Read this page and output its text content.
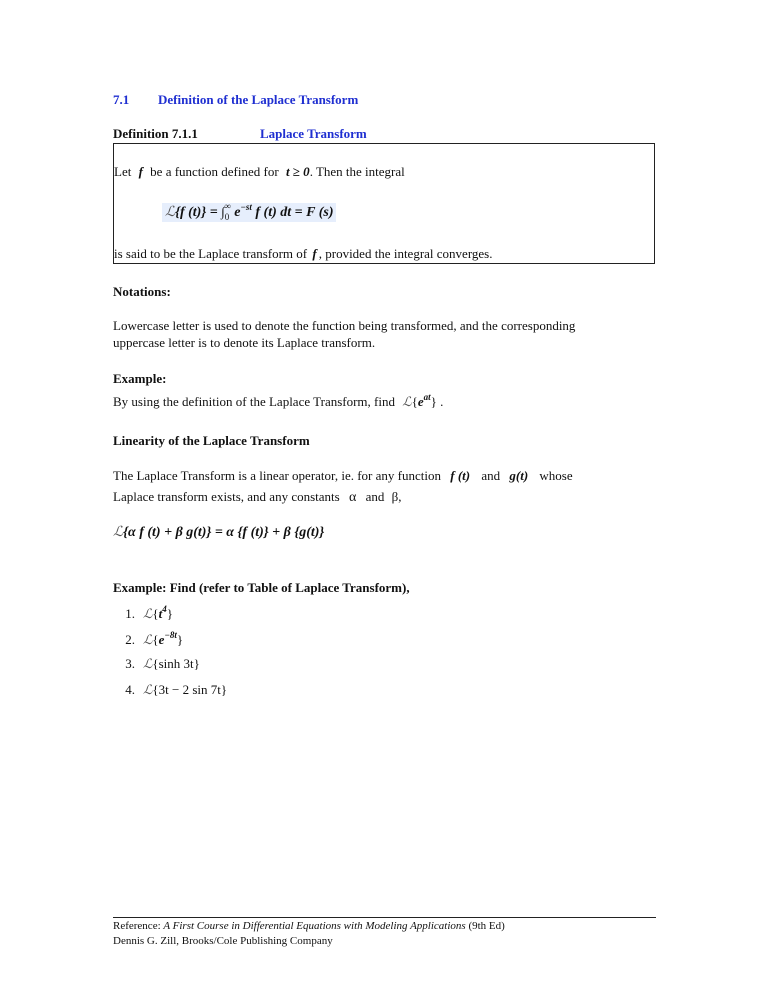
7.1 Definition of the Laplace Transform
Definition 7.1.1	Laplace Transform
Let f be a function defined for t ≥ 0. Then the integral
ℒ{f $(t)\} = \int_0^\infty$ $e^{-st}$ f (t) dt = F (s)
is said to be the Laplace transform of f , provided the integral converges.
Notations:
Lowercase letter is used to denote the function being transformed, and the corresponding
uppercase letter is to denote its Laplace transform.
Example:
By using the definition of the Laplace Transform, find $ℒ\{e^{at}\}$ .
Linearity of the Laplace Transform
The Laplace Transform is a linear operator, ie. for any function f (t) and g(t) whose
Laplace transform exists, and any constants α and β,
ℒ{α f (t) + β g(t)} = α {f (t)} + β {g(t)}
Example: Find (refer to Table of Laplace Transform),
1. $ℒ\{t^4\}$
2. $ℒ\{e^{-8t}\}$
3. ℒ{sinh 3t}
4. ℒ{3t − 2 sin 7t}
Reference: A First Course in Differential Equations with Modeling Applications (9th Ed)
Dennis G. Zill, Brooks/Cole Publishing Company
